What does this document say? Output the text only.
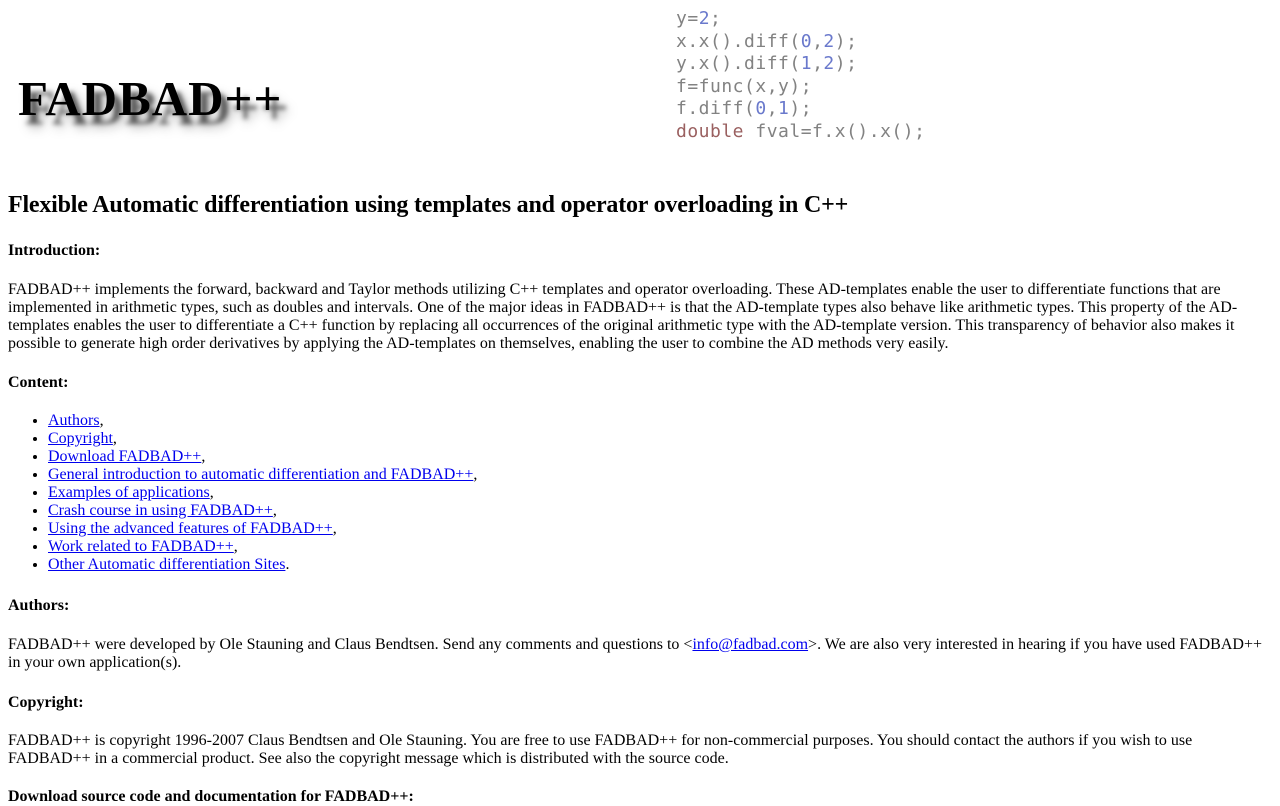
FADBAD++
y=2;
x.x().diff(0,2);
y.x().diff(1,2);
f=func(x,y);
f.diff(0,1);
double fval=f.x().x();
Flexible Automatic differentiation using templates and operator overloading in C++

Introduction:

FADBAD++ implements the forward, backward and Taylor methods utilizing C++ templates and operator overloading. These AD-templates enable the user to differentiate functions that are implemented in arithmetic types, such as doubles and intervals. One of the major ideas in FADBAD++ is that the AD-template types also behave like arithmetic types. This property of the AD-templates enables the user to differentiate a C++ function by replacing all occurrences of the original arithmetic type with the AD-template version. This transparency of behavior also makes it possible to generate high order derivatives by applying the AD-templates on themselves, enabling the user to combine the AD methods very easily.

Content:

• Authors,
• Copyright,
• Download FADBAD++,
• General introduction to automatic differentiation and FADBAD++,
• Examples of applications,
• Crash course in using FADBAD++,
• Using the advanced features of FADBAD++,
• Work related to FADBAD++,
• Other Automatic differentiation Sites.

Authors:

FADBAD++ were developed by Ole Stauning and Claus Bendtsen. Send any comments and questions to <info@fadbad.com>. We are also very interested in hearing if you have used FADBAD++ in your own application(s).

Copyright:

FADBAD++ is copyright 1996-2007 Claus Bendtsen and Ole Stauning. You are free to use FADBAD++ for non-commercial purposes. You should contact the authors if you wish to use FADBAD++ in a commercial product. See also the copyright message which is distributed with the source code.

Download source code and documentation for FADBAD++:
